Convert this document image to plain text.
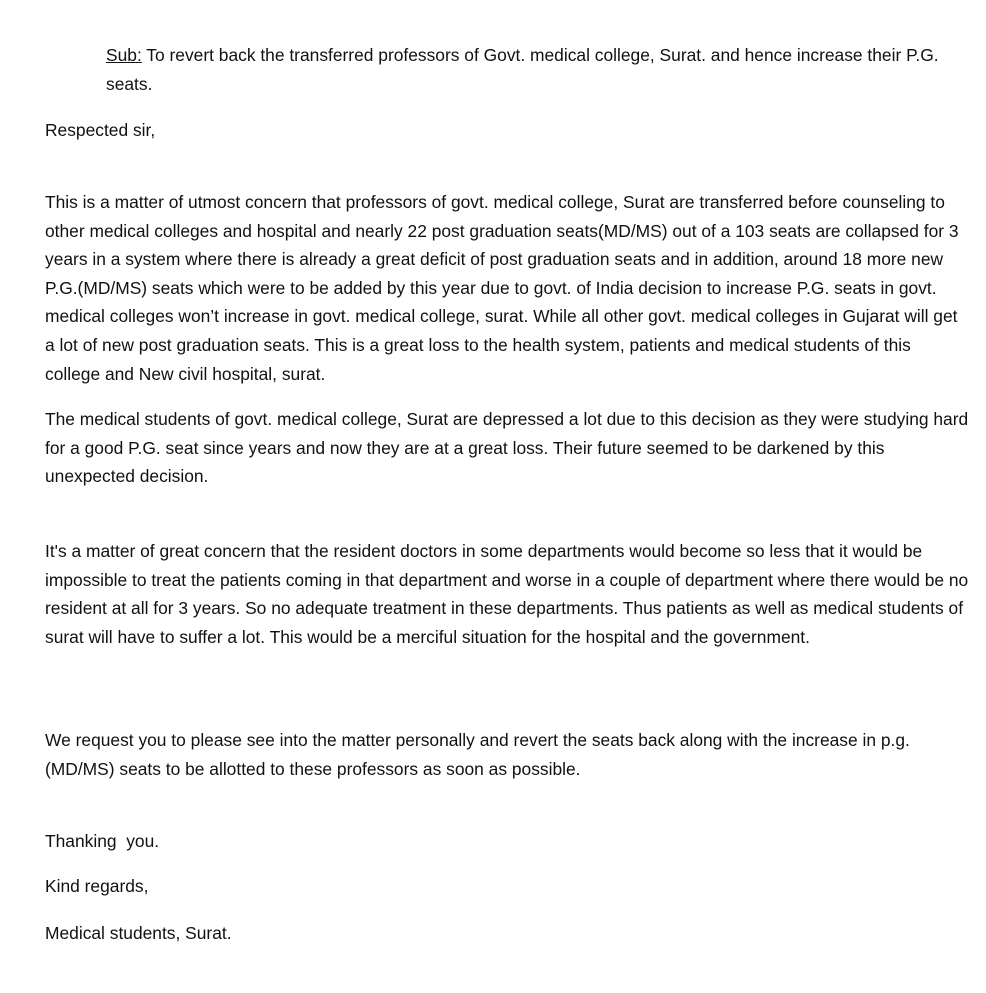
Sub: To revert back the transferred professors of Govt. medical college, Surat. and hence increase their P.G. seats.

Respected sir,

This is a matter of utmost concern that professors of govt. medical college, Surat are transferred before counseling to other medical colleges and hospital and nearly 22 post graduation seats(MD/MS) out of a 103 seats are collapsed for 3 years in a system where there is already a great deficit of post graduation seats and in addition, around 18 more new P.G.(MD/MS) seats which were to be added by this year due to govt. of India decision to increase P.G. seats in govt. medical colleges won’t increase in govt. medical college, surat. While all other govt. medical colleges in Gujarat will get a lot of new post graduation seats. This is a great loss to the health system, patients and medical students of this college and New civil hospital, surat.

The medical students of govt. medical college, Surat are depressed a lot due to this decision as they were studying hard for a good P.G. seat since years and now they are at a great loss. Their future seemed to be darkened by this unexpected decision.

It's a matter of great concern that the resident doctors in some departments would become so less that it would be impossible to treat the patients coming in that department and worse in a couple of department where there would be no resident at all for 3 years. So no adequate treatment in these departments. Thus patients as well as medical students of surat will have to suffer a lot. This would be a merciful situation for the hospital and the government.

We request you to please see into the matter personally and revert the seats back along with the increase in p.g.(MD/MS) seats to be allotted to these professors as soon as possible.

Thanking  you.

Kind regards,

Medical students, Surat.
